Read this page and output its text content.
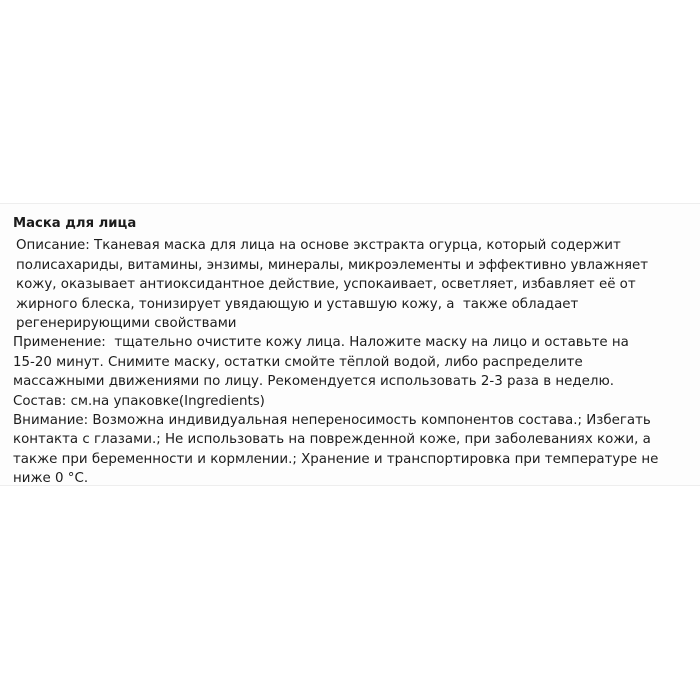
Маска для лица
Описание: Тканевая маска для лица на основе экстракта огурца, который содержит
полисахариды, витамины, энзимы, минералы, микроэлементы и эффективно увлажняет
кожу, оказывает антиоксидантное действие, успокаивает, осветляет, избавляет её от
жирного блеска, тонизирует увядающую и уставшую кожу, а  также обладает
регенерирующими свойствами
Применение:  тщательно очистите кожу лица. Наложите маску на лицо и оставьте на
15-20 минут. Снимите маску, остатки смойте тёплой водой, либо распределите
массажными движениями по лицу. Рекомендуется использовать 2-3 раза в неделю.
Состав: см.на упаковке(Ingredients)
Внимание: Возможна индивидуальная непереносимость компонентов состава.; Избегать
контакта с глазами.; Не использовать на поврежденной коже, при заболеваниях кожи, а
также при беременности и кормлении.; Хранение и транспортировка при температуре не
ниже 0 °С.
